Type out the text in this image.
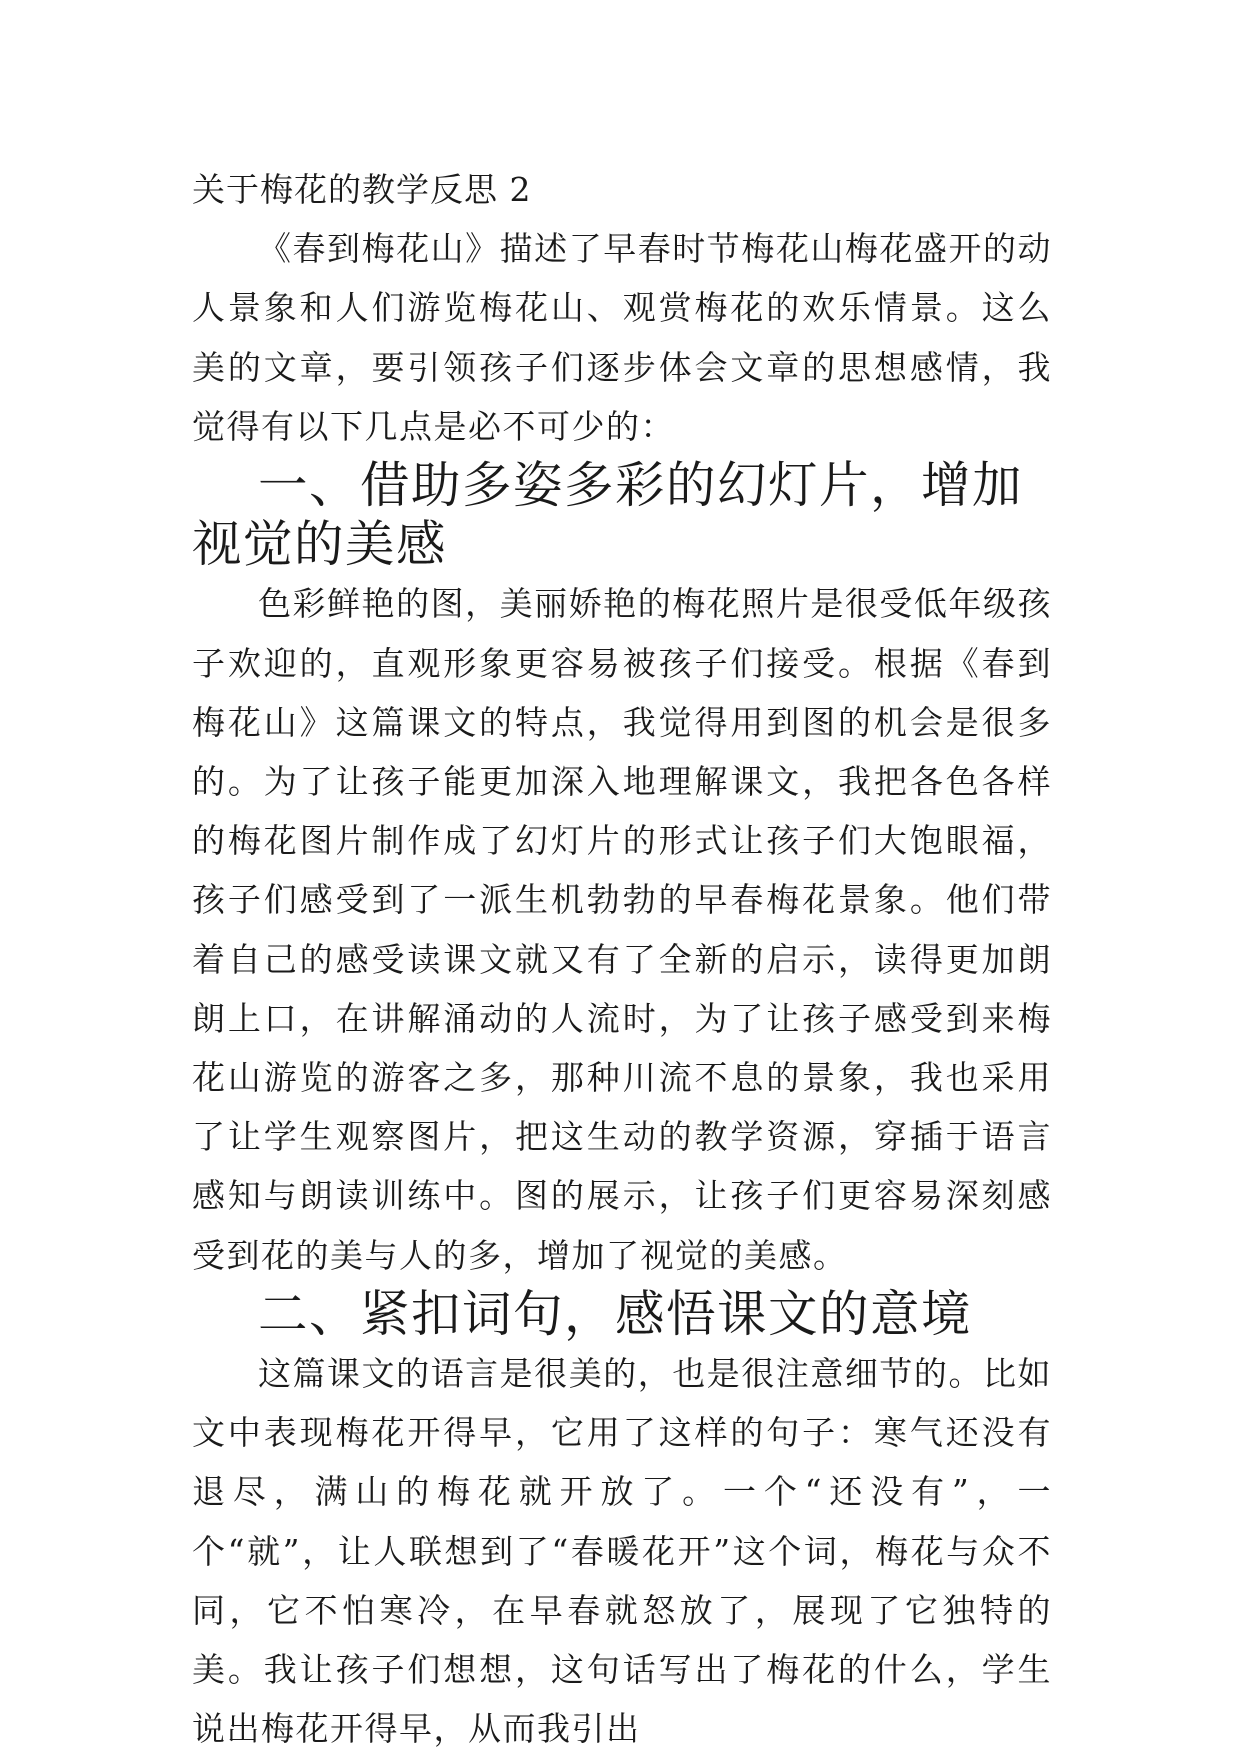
关于梅花的教学反思 2

《春到梅花山》描述了早春时节梅花山梅花盛开的动人景象和人们游览梅花山、观赏梅花的欢乐情景。这么美的文章，要引领孩子们逐步体会文章的思想感情，我觉得有以下几点是必不可少的：

一、借助多姿多彩的幻灯片，增加视觉的美感

色彩鲜艳的图，美丽娇艳的梅花照片是很受低年级孩子欢迎的，直观形象更容易被孩子们接受。根据《春到梅花山》这篇课文的特点，我觉得用到图的机会是很多的。为了让孩子能更加深入地理解课文，我把各色各样的梅花图片制作成了幻灯片的形式让孩子们大饱眼福，孩子们感受到了一派生机勃勃的早春梅花景象。他们带着自己的感受读课文就又有了全新的启示，读得更加朗朗上口，在讲解涌动的人流时，为了让孩子感受到来梅花山游览的游客之多，那种川流不息的景象，我也采用了让学生观察图片，把这生动的教学资源，穿插于语言感知与朗读训练中。图的展示，让孩子们更容易深刻感受到花的美与人的多，增加了视觉的美感。

二、紧扣词句，感悟课文的意境

这篇课文的语言是很美的，也是很注意细节的。比如文中表现梅花开得早，它用了这样的句子：寒气还没有退尽，满山的梅花就开放了。一个“还没有”，一个“就”，让人联想到了“春暖花开”这个词，梅花与众不同，它不怕寒冷，在早春就怒放了，展现了它独特的美。我让孩子们想想，这句话写出了梅花的什么，学生说出梅花开得早，从而我引出
